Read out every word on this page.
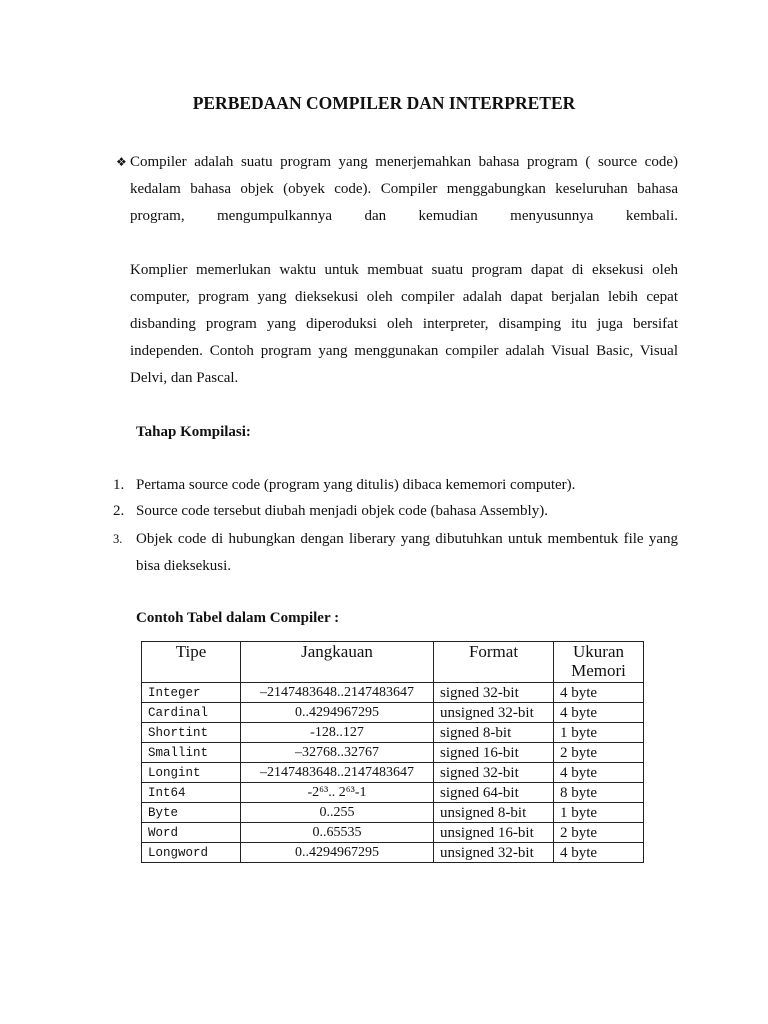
PERBEDAAN COMPILER DAN INTERPRETER
❖ Compiler adalah suatu program yang menerjemahkan bahasa program ( source code)
kedalam bahasa objek (obyek code). Compiler menggabungkan keseluruhan bahasa
program, mengumpulkannya dan kemudian menyusunnya kembali.
Komplier memerlukan waktu untuk membuat suatu program dapat di eksekusi oleh
computer, program yang dieksekusi oleh compiler adalah dapat berjalan lebih cepat
disbanding program yang diperoduksi oleh interpreter, disamping itu juga bersifat
independen. Contoh program yang menggunakan compiler adalah Visual Basic, Visual
Delvi, dan Pascal.
Tahap Kompilasi:
1. Pertama source code (program yang ditulis) dibaca kememori computer).
2. Source code tersebut diubah menjadi objek code (bahasa Assembly).
3. Objek code di hubungkan dengan liberary yang dibutuhkan untuk membentuk file yang
bisa dieksekusi.
Contoh Tabel dalam Compiler :
Tipe	Jangkauan	Format	Ukuran Memori
Integer	–2147483648..2147483647	signed 32-bit	4 byte
Cardinal	0..4294967295	unsigned 32-bit	4 byte
Shortint	-128..127	signed 8-bit	1 byte
Smallint	–32768..32767	signed 16-bit	2 byte
Longint	–2147483648..2147483647	signed 32-bit	4 byte
Int64	-2⁶³.. 2⁶³-1	signed 64-bit	8 byte
Byte	0..255	unsigned 8-bit	1 byte
Word	0..65535	unsigned 16-bit	2 byte
Longword	0..4294967295	unsigned 32-bit	4 byte
